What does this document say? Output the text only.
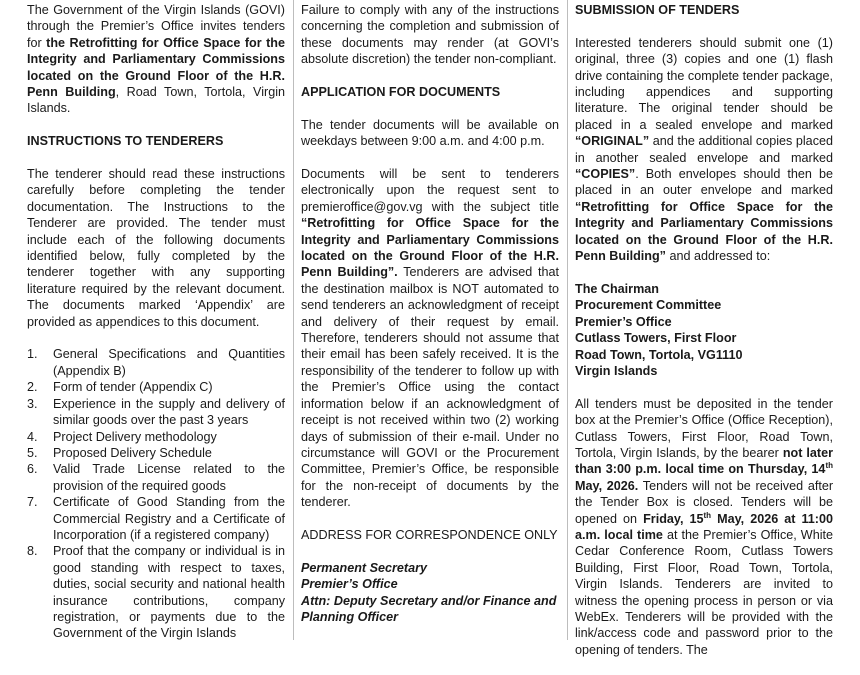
The Government of the Virgin Islands (GOVI) through the Premier’s Office invites tenders for the Retrofitting for Office Space for the Integrity and Parliamentary Commissions located on the Ground Floor of the H.R. Penn Building, Road Town, Tortola, Virgin Islands.

INSTRUCTIONS TO TENDERERS

The tenderer should read these instructions carefully before completing the tender documentation. The Instructions to the Tenderer are provided. The tender must include each of the following documents identified below, fully completed by the tenderer together with any supporting literature required by the relevant document. The documents marked ‘Appendix’ are provided as appendices to this document.

1. General Specifications and Quantities (Appendix B)
2. Form of tender (Appendix C)
3. Experience in the supply and delivery of similar goods over the past 3 years
4. Project Delivery methodology
5. Proposed Delivery Schedule
6. Valid Trade License related to the provision of the required goods
7. Certificate of Good Standing from the Commercial Registry and a Certificate of Incorporation (if a registered company)
8. Proof that the company or individual is in good standing with respect to taxes, duties, social security and national health insurance contributions, company registration, or payments due to the Government of the Virgin Islands

Failure to comply with any of the instructions concerning the completion and submission of these documents may render (at GOVI’s absolute discretion) the tender non-compliant.

APPLICATION FOR DOCUMENTS

The tender documents will be available on weekdays between 9:00 a.m. and 4:00 p.m.

Documents will be sent to tenderers electronically upon the request sent to premieroffice@gov.vg with the subject title “Retrofitting for Office Space for the Integrity and Parliamentary Commissions located on the Ground Floor of the H.R. Penn Building”. Tenderers are advised that the destination mailbox is NOT automated to send tenderers an acknowledgment of receipt and delivery of their request by email. Therefore, tenderers should not assume that their email has been safely received. It is the responsibility of the tenderer to follow up with the Premier’s Office using the contact information below if an acknowledgment of receipt is not received within two (2) working days of submission of their e-mail. Under no circumstance will GOVI or the Procurement Committee, Premier’s Office, be responsible for the non-receipt of documents by the tenderer.

ADDRESS FOR CORRESPONDENCE ONLY

Permanent Secretary
Premier’s Office
Attn: Deputy Secretary and/or Finance and Planning Officer
SUBMISSION OF TENDERS

Interested tenderers should submit one (1) original, three (3) copies and one (1) flash drive containing the complete tender package, including appendices and supporting literature. The original tender should be placed in a sealed envelope and marked “ORIGINAL” and the additional copies placed in another sealed envelope and marked “COPIES”. Both envelopes should then be placed in an outer envelope and marked “Retrofitting for Office Space for the Integrity and Parliamentary Commissions located on the Ground Floor of the H.R. Penn Building” and addressed to:

The Chairman
Procurement Committee
Premier’s Office
Cutlass Towers, First Floor
Road Town, Tortola, VG1110
Virgin Islands

All tenders must be deposited in the tender box at the Premier’s Office (Office Reception), Cutlass Towers, First Floor, Road Town, Tortola, Virgin Islands, by the bearer not later than 3:00 p.m. local time on Thursday, 14th May, 2026. Tenders will not be received after the Tender Box is closed. Tenders will be opened on Friday, 15th May, 2026 at 11:00 a.m. local time at the Premier’s Office, White Cedar Conference Room, Cutlass Towers Building, First Floor, Road Town, Tortola, Virgin Islands. Tenderers are invited to witness the opening process in person or via WebEx. Tenderers will be provided with the link/access code and password prior to the opening of tenders. The
